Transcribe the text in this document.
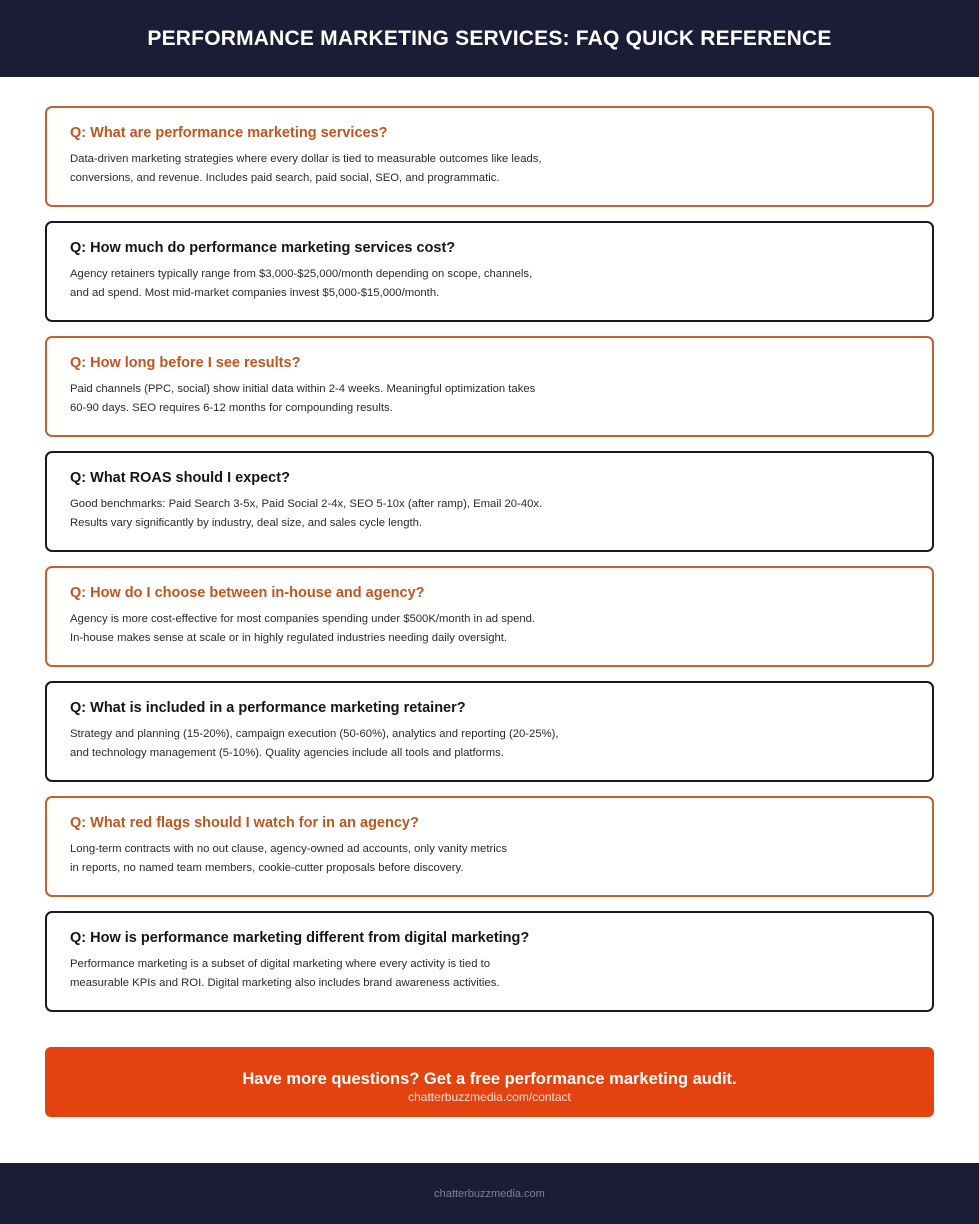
PERFORMANCE MARKETING SERVICES: FAQ QUICK REFERENCE
Q: What are performance marketing services?
Data-driven marketing strategies where every dollar is tied to measurable outcomes like leads,
conversions, and revenue. Includes paid search, paid social, SEO, and programmatic.
Q: How much do performance marketing services cost?
Agency retainers typically range from $3,000-$25,000/month depending on scope, channels,
and ad spend. Most mid-market companies invest $5,000-$15,000/month.
Q: How long before I see results?
Paid channels (PPC, social) show initial data within 2-4 weeks. Meaningful optimization takes
60-90 days. SEO requires 6-12 months for compounding results.
Q: What ROAS should I expect?
Good benchmarks: Paid Search 3-5x, Paid Social 2-4x, SEO 5-10x (after ramp), Email 20-40x.
Results vary significantly by industry, deal size, and sales cycle length.
Q: How do I choose between in-house and agency?
Agency is more cost-effective for most companies spending under $500K/month in ad spend.
In-house makes sense at scale or in highly regulated industries needing daily oversight.
Q: What is included in a performance marketing retainer?
Strategy and planning (15-20%), campaign execution (50-60%), analytics and reporting (20-25%),
and technology management (5-10%). Quality agencies include all tools and platforms.
Q: What red flags should I watch for in an agency?
Long-term contracts with no out clause, agency-owned ad accounts, only vanity metrics
in reports, no named team members, cookie-cutter proposals before discovery.
Q: How is performance marketing different from digital marketing?
Performance marketing is a subset of digital marketing where every activity is tied to
measurable KPIs and ROI. Digital marketing also includes brand awareness activities.
Have more questions? Get a free performance marketing audit.
chatterbuzzmedia.com/contact
chatterbuzzmedia.com
